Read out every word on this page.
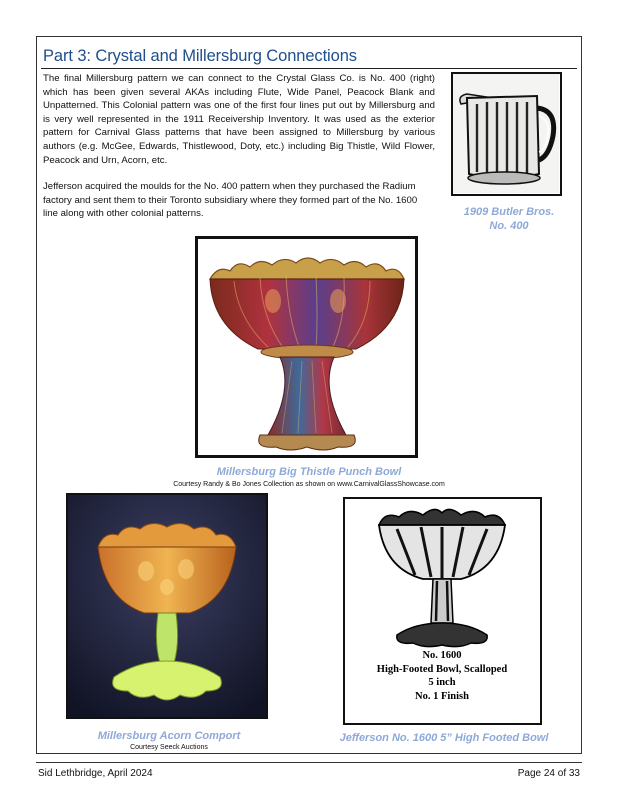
Part 3: Crystal and Millersburg Connections
The final Millersburg pattern we can connect to the Crystal Glass Co. is No. 400 (right) which has been given several AKAs including Flute, Wide Panel, Peacock Blank and Unpatterned. This Colonial pattern was one of the first four lines put out by Millersburg and is very well represented in the 1911 Receivership Inventory. It was used as the exterior pattern for Carnival Glass patterns that have been assigned to Millersburg by various authors (e.g. McGee, Edwards, Thistlewood, Doty, etc.) including Big Thistle, Wild Flower, Peacock and Urn, Acorn, etc.
Jefferson acquired the moulds for the No. 400 pattern when they purchased the Radium factory and sent them to their Toronto subsidiary where they formed part of the No. 1600 line along with other colonial patterns.	1909 Butler Bros.
No. 400
Millersburg Big Thistle Punch Bowl
Courtesy Randy & Bo Jones Collection as shown on www.CarnivalGlassShowcase.com
Millersburg Acorn Comport
Courtesy Seeck Auctions
No. 1600
High-Footed Bowl, Scalloped
5 inch
No. 1 Finish
Jefferson No. 1600 5” High Footed Bowl
Sid Lethbridge, April 2024	Page 24 of 33
